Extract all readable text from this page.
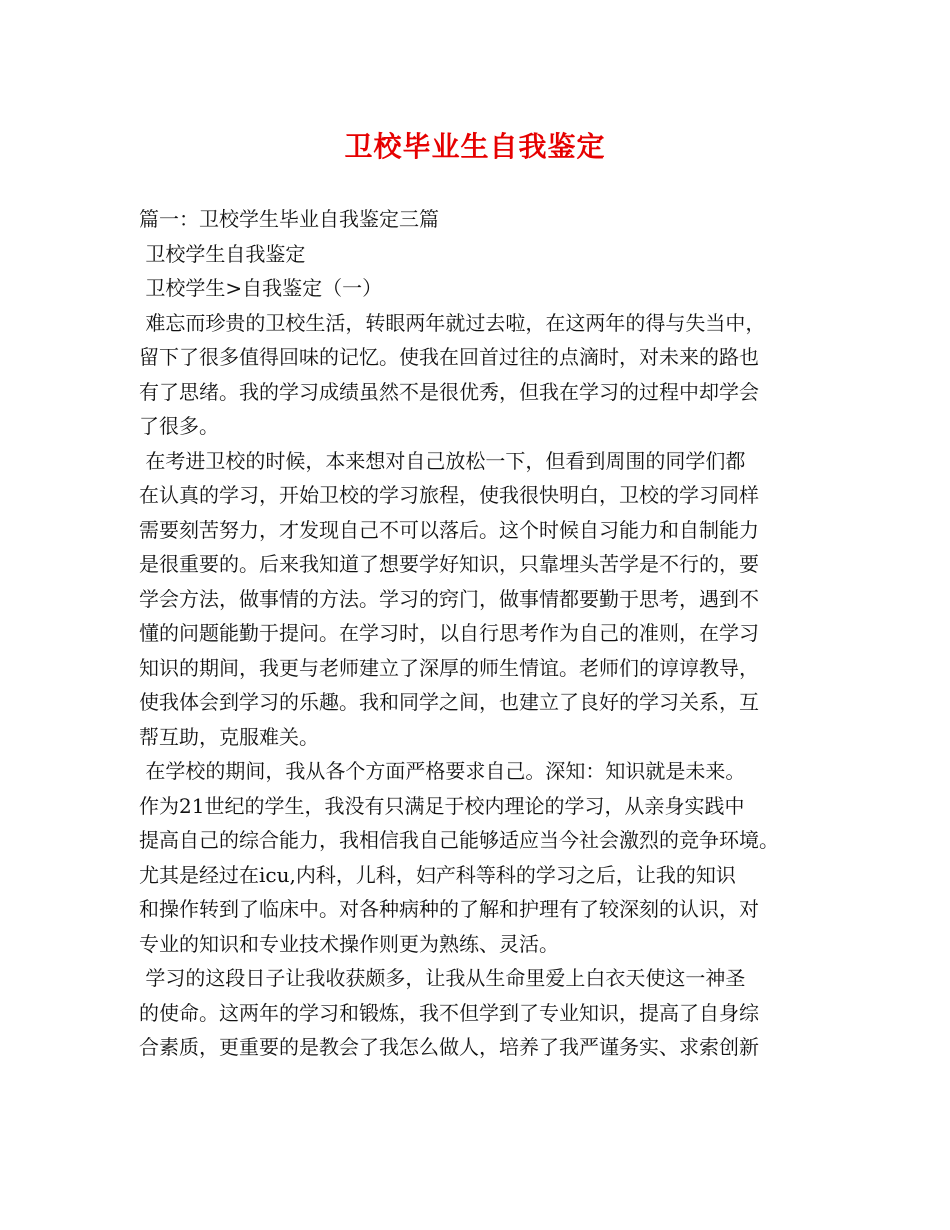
卫校毕业生自我鉴定
篇一：卫校学生毕业自我鉴定三篇
卫校学生自我鉴定
卫校学生>自我鉴定（一）
难忘而珍贵的卫校生活，转眼两年就过去啦，在这两年的得与失当中，
留下了很多值得回味的记忆。使我在回首过往的点滴时，对未来的路也
有了思绪。我的学习成绩虽然不是很优秀，但我在学习的过程中却学会
了很多。
在考进卫校的时候，本来想对自己放松一下，但看到周围的同学们都
在认真的学习，开始卫校的学习旅程，使我很快明白，卫校的学习同样
需要刻苦努力，才发现自己不可以落后。这个时候自习能力和自制能力
是很重要的。后来我知道了想要学好知识，只靠埋头苦学是不行的，要
学会方法，做事情的方法。学习的窍门，做事情都要勤于思考，遇到不
懂的问题能勤于提问。在学习时，以自行思考作为自己的准则，在学习
知识的期间，我更与老师建立了深厚的师生情谊。老师们的谆谆教导，
使我体会到学习的乐趣。我和同学之间，也建立了良好的学习关系，互
帮互助，克服难关。
在学校的期间，我从各个方面严格要求自己。深知：知识就是未来。
作为21世纪的学生，我没有只满足于校内理论的学习，从亲身实践中
提高自己的综合能力，我相信我自己能够适应当今社会激烈的竞争环境。
尤其是经过在icu,内科，儿科，妇产科等科的学习之后，让我的知识
和操作转到了临床中。对各种病种的了解和护理有了较深刻的认识，对
专业的知识和专业技术操作则更为熟练、灵活。
学习的这段日子让我收获颇多，让我从生命里爱上白衣天使这一神圣
的使命。这两年的学习和锻炼，我不但学到了专业知识，提高了自身综
合素质，更重要的是教会了我怎么做人，培养了我严谨务实、求索创新
